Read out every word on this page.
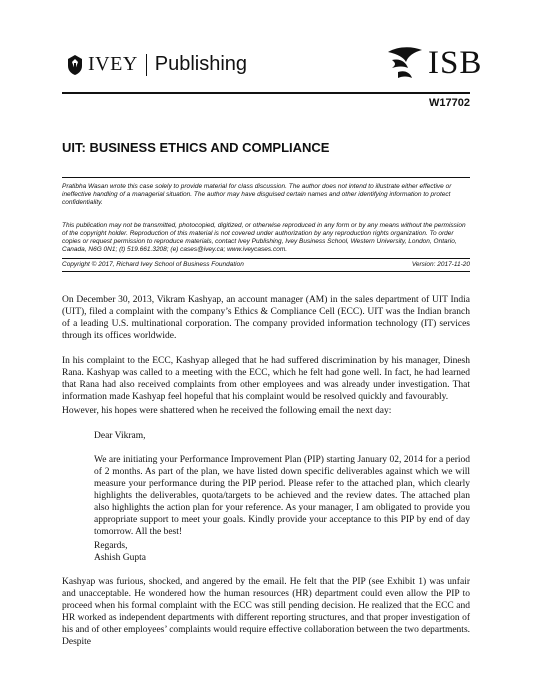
IVEY Publishing	ISB
W17702
UIT: BUSINESS ETHICS AND COMPLIANCE
Pratibha Wasan wrote this case solely to provide material for class discussion. The author does not intend to illustrate either effective or ineffective handling of a managerial situation. The author may have disguised certain names and other identifying information to protect confidentiality.
This publication may not be transmitted, photocopied, digitized, or otherwise reproduced in any form or by any means without the permission of the copyright holder. Reproduction of this material is not covered under authorization by any reproduction rights organization. To order copies or request permission to reproduce materials, contact Ivey Publishing, Ivey Business School, Western University, London, Ontario, Canada, N6G 0N1; (t) 519.661.3208; (e) cases@ivey.ca; www.iveycases.com.
Copyright © 2017, Richard Ivey School of Business Foundation	Version: 2017-11-20
On December 30, 2013, Vikram Kashyap, an account manager (AM) in the sales department of UIT India (UIT), filed a complaint with the company’s Ethics & Compliance Cell (ECC). UIT was the Indian branch of a leading U.S. multinational corporation. The company provided information technology (IT) services through its offices worldwide.
In his complaint to the ECC, Kashyap alleged that he had suffered discrimination by his manager, Dinesh Rana. Kashyap was called to a meeting with the ECC, which he felt had gone well. In fact, he had learned that Rana had also received complaints from other employees and was already under investigation. That information made Kashyap feel hopeful that his complaint would be resolved quickly and favourably.
However, his hopes were shattered when he received the following email the next day:
Dear Vikram,
We are initiating your Performance Improvement Plan (PIP) starting January 02, 2014 for a period of 2 months. As part of the plan, we have listed down specific deliverables against which we will measure your performance during the PIP period. Please refer to the attached plan, which clearly highlights the deliverables, quota/targets to be achieved and the review dates. The attached plan also highlights the action plan for your reference. As your manager, I am obligated to provide you appropriate support to meet your goals. Kindly provide your acceptance to this PIP by end of day tomorrow. All the best!
Regards,
Ashish Gupta
Kashyap was furious, shocked, and angered by the email. He felt that the PIP (see Exhibit 1) was unfair and unacceptable. He wondered how the human resources (HR) department could even allow the PIP to proceed when his formal complaint with the ECC was still pending decision. He realized that the ECC and HR worked as independent departments with different reporting structures, and that proper investigation of his and of other employees’ complaints would require effective collaboration between the two departments. Despite
